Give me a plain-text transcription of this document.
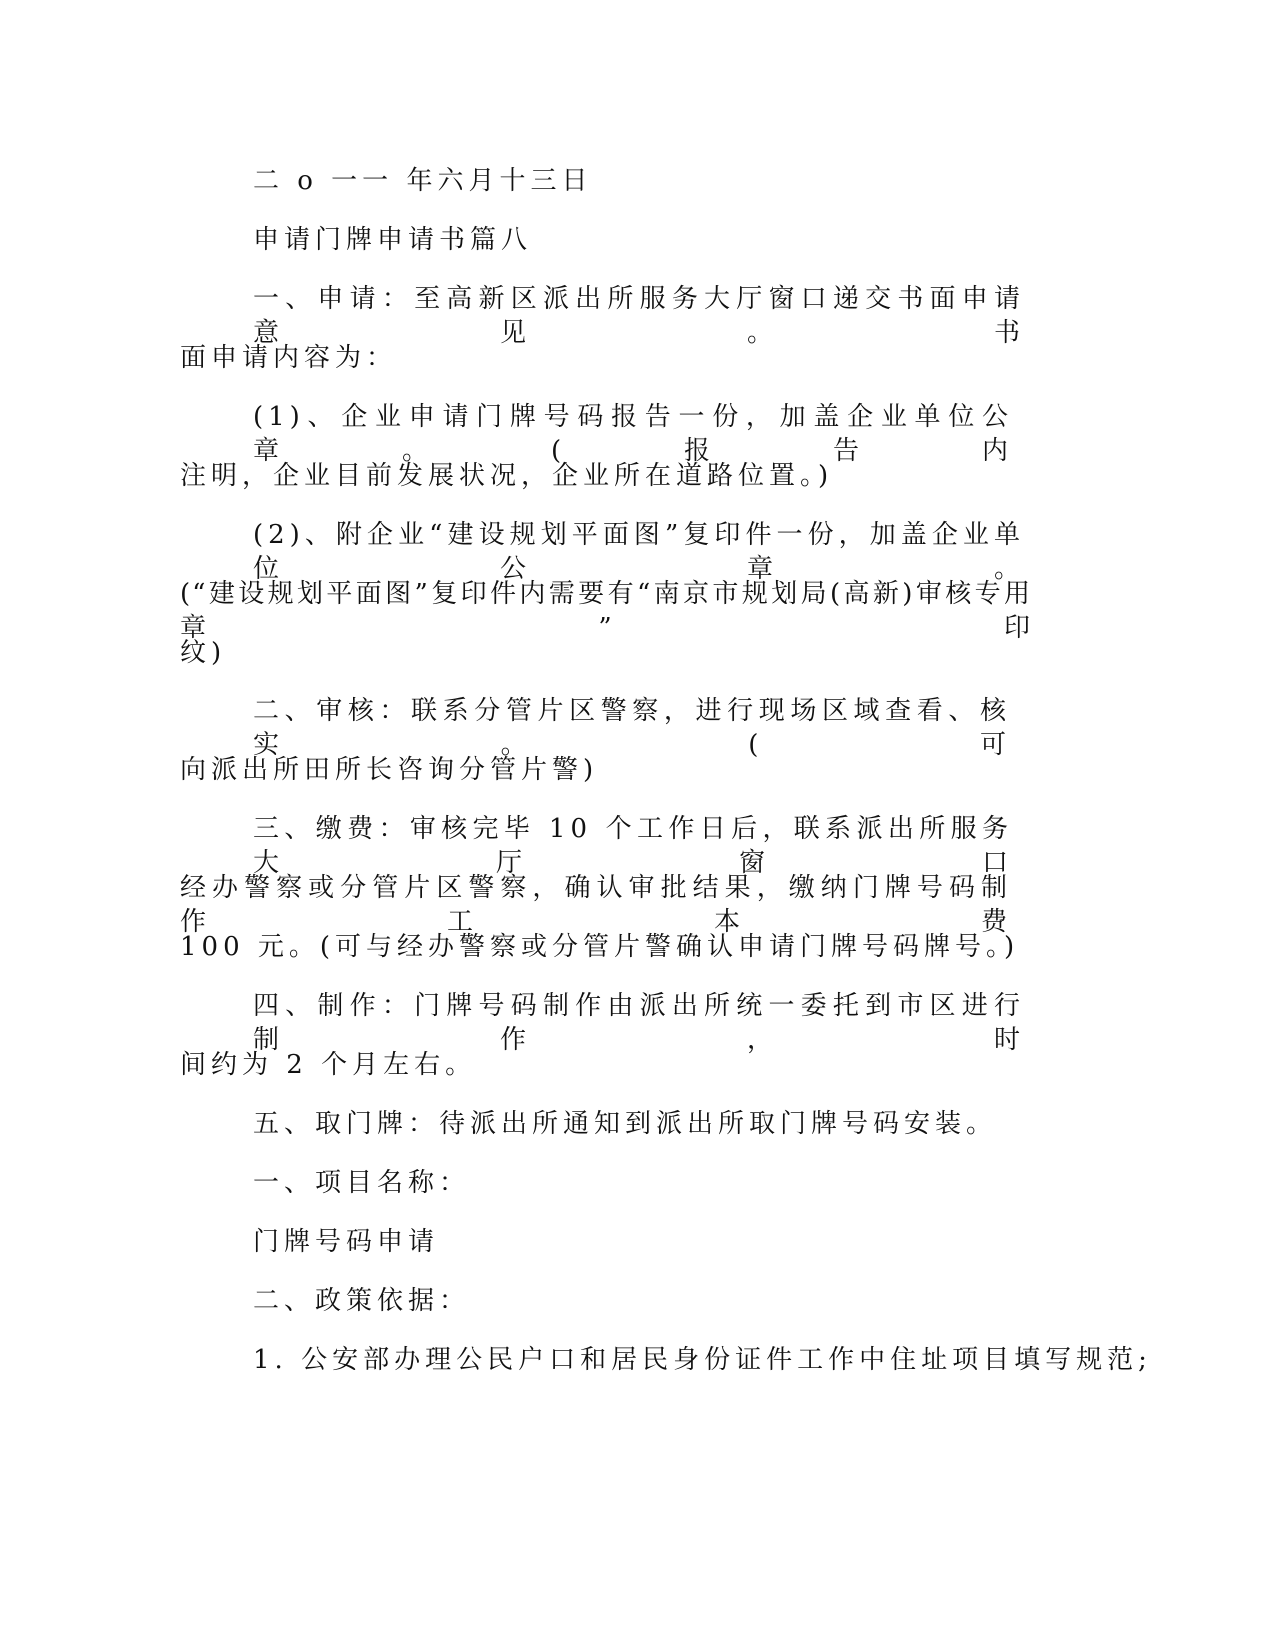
二 o 一一 年六月十三日

申请门牌申请书篇八

一、申请：至高新区派出所服务大厅窗口递交书面申请意见。书

面申请内容为：

(1)、企业申请门牌号码报告一份，加盖企业单位公章。(报告内

注明，企业目前发展状况，企业所在道路位置。)

(2)、附企业“建设规划平面图”复印件一份，加盖企业单位公章。

(“建设规划平面图”复印件内需要有“南京市规划局(高新)审核专用章”印

纹)

二、审核：联系分管片区警察，进行现场区域查看、核实。(可

向派出所田所长咨询分管片警)

三、缴费：审核完毕 10 个工作日后，联系派出所服务大厅窗口

经办警察或分管片区警察，确认审批结果，缴纳门牌号码制作工本费

100 元。(可与经办警察或分管片警确认申请门牌号码牌号。)

四、制作：门牌号码制作由派出所统一委托到市区进行制作，时

间约为 2 个月左右。

五、取门牌：待派出所通知到派出所取门牌号码安装。

一、项目名称：

门牌号码申请

二、政策依据：

1. 公安部办理公民户口和居民身份证件工作中住址项目填写规范;
